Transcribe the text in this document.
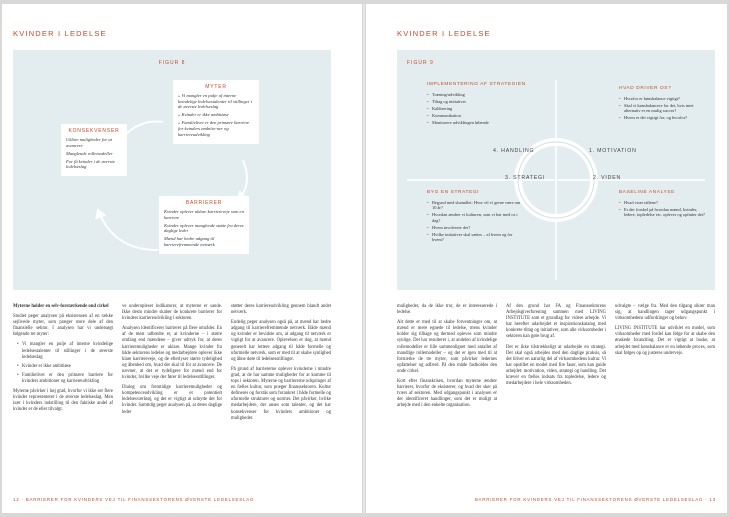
KVINDER I LEDELSE
FIGUR 8
MYTER
» Vi mangler en pulje af interne kvindelige ledelsestalenter til stillinger i de øverste ledelseslag
» Kvinder er ikke ambitiøse
» Familielivet er den primære barriere for kvinders ambitio-ner og karriereudvikling
KONSEKVENSER
Uklare muligheder for at avancere
Manglende rollemodeller
For få kvinder i de øverste ledelseslag
BARRIERER
Kvinder oplever uklare karriereveje som en barriere
Kvinder oplever manglende støtte fra deres daglige leder
Mænd har bedre adgang til karrierefremmende netværk

Myterne holder en selv-forstærkende ond cirkel

Studiet peger analysen på eksistensen af en række sejlivede myter, som præger store dele af den finansielle sektor. I analysen har vi undersøgt følgende tre myter:

• Vi mangler en pulje af interne kvindelige ledelsestalenter til stillinger i de øverste ledelseslag
• Kvinder er ikke ambitiøse
• Familielivet er den primære barriere for kvinders ambitioner og karriereudvikling

Myterne påvirker i høj grad, hvorfor vi ikke ser flere kvinder repræsenteret i de øverste ledelseslag. Men især i kvinders indstilling til den faktiske andel af kvinder er de eller tilvalgt.

ve underopleser indikatorer, at myterne er sande. Ikke desto mindre skaber de konkrete barrierer for kvinders karriereudvikling i sektoren.

Analysen identificerer barrierer på flere områder. En af de mest udbredte er, at kvinderne – i større omfang end mændene – giver udtryk for, at deres karrieremuligheder er uklare. Mange kvinder fra både sektorens ledelse og medarbejdere oplever ikke klare karriereveje, og de efterlyser større tydelighed og åbenhed om, hvad der skal til for at avancere. De nævner, at det er tydeligere for mænd end for kvinder, hvilke veje der fører til ledelsesstillinger.

Dialog om fremtidige karrieremuligheder og kompetenceudvikling er et potentielt ledelsesværktøj, og det er vigtigt at udnytte det for kvinder. Samtidig peger analysen på, at deres daglige leder

støtter deres karriereudvikling gennem blandt andet netværk.

Endelig peger analysen også på, at mænd har bedre adgang til karrierefremmende netværk. Både mænd og kvinder er bevidste om, at adgang til netværk er vigtigt for at avancere. Oplevelsen er dog, at mænd generelt har lettere adgang til både formelle og uformelle netværk, som er med til at skabe synlighed og åbne døre til ledelsesstillinger.

På grund af barriererne oplever kvinderne i mindre grad, at de har samme muligheder for at komme til tops i sektoren. Myterne og barriererne udspringer af en fælles kultur, som præger finanssektoren. Kultur defineres og forstås som forankret i både formelle og uformelle strukturer og normer. Det påvirker, hvilke medarbejdere, der anses som talenter, og det har konsekvenser for kvinders ambitioner og muligheder.

12 · BARRIERER FOR KVINDERS VEJ TIL FINANSSEKTORENS ØVERSTE LEDELSESLAG
KVINDER I LEDELSE
FIGUR 9
IMPLEMENTERING AF STRATEGIEN
• Træning/udvikling
• Tiltag og initiativer
• Kalibrering
• Kommunikation
• Monitorere udviklingen løbende
HVAD DRIVER OS?
• Hvorfor er kønsbalance vigtigt?
• Skal vi kønsbalancere for det, hvis intet alternativ er en mulig succes?
• Hvem er det vigtigt for, og hvorfor?
BYG EN STRATEGI
• Begynd med slutmålet: Hvor vil vi gerne være om 10 år?
• Hvordan ændrer vi kulturen, som vi har med os i dag?
• Hvem involverer det?
• Hvilke initiativer skal sættes – af hvem og for hvem?
BASELINE ANALYSE
• Hvad viser tallene?
• Er der forskel på hvordan mænd, kvinder, ledere, topledelse etc. oplever og opfatter det?
4. HANDLING	1. MOTIVATION
3. STRATEGI	2. VIDEN

muligheder, da de ikke tror, de er interesserede i ledelse.

Alt dette er med til at skabe forventninger om, at mænd er mere egnede til ledelse, mens kvinder holder sig tilbage og dermed opleves som mindre synlige. Det har resulteret i, at andelen af kvindelige rollemodeller er lille sammenlignet med antallet af mandlige rollemodeller – og det er igen med til at forstærke de tre myter, som påvirker ledernes opfattelser og adfærd. På den måde fastholdes den onde cirkel.

Kort efter finanskrisen, hvordan myterne ændrer barrierer, hvorfor de eksisterer, og hvad der sker på tværs af sektoren. Med udgangspunkt i analysen er der identificeret handlinger, som det er muligt at arbejde med i den enkelte organisation.

Af den grund har FA og Finanssektorens Arbejdsgiverforening sammen med LIVING INSTITUTE som et grundlag for videre arbejde. Vi har herefter udarbejdet et inspirationskatalog med konkrete tiltag og initiativer, som alle virksomheder i sektoren kan gøre brug af.

Det er ikke tilstrækkeligt at udarbejde en strategi. Der skal også arbejdes med den daglige praksis, så det bliver en naturlig del af virksomhedens kultur. Vi har opstillet en model med fire faser, som kan guide arbejdet: motivation, viden, strategi og handling. Det kræver en fælles indsats fra topledelse, ledere og medarbejdere i hele virksomheden.

udvalgte – vælge fra. Med den tilgang sikrer man sig, at handlingen tager udgangspunkt i virksomhedens udfordringer og behov.

LIVING INSTITUTE har udviklet en model, som virksomheder med fordel kan følge for at skabe den ønskede forandring. Det er vigtigt at huske, at arbejdet med kønsbalance er en løbende proces, som skal følges op og justeres undervejs.

BARRIERER FOR KVINDERS VEJ TIL FINANSSEKTORENS ØVERSTE LEDELSESLAG · 13
